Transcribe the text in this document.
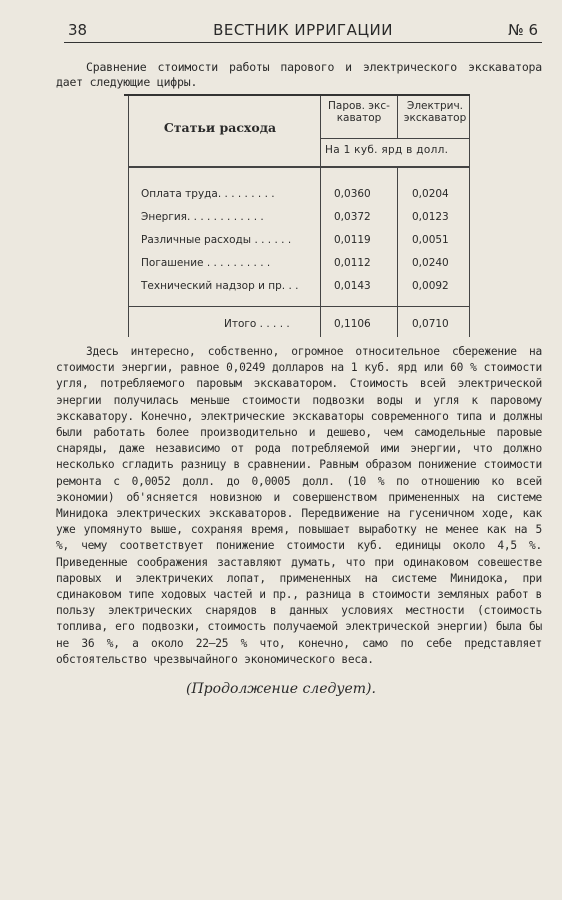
38	ВЕСТНИК ИРРИГАЦИИ	№ 6
Сравнение стоимости работы парового и электрического экскаватора дает следующие цифры.
Статьи расхода
Паров. экс-каватор
Электрич. экскаватор
На 1 куб. ярд в долл.
Оплата труда. . . . . . . . .	0,0360	0,0204
Энергия. . . . . . . . . . . .	0,0372	0,0123
Различные расходы . . . . . .	0,0119	0,0051
Погашение . . . . . . . . . .	0,0112	0,0240
Технический надзор и пр. . .	0,0143	0,0092
Итого . . . . .	0,1106	0,0710

Здесь интересно, собственно, огромное относительное сбережение на стоимости энергии, равное 0,0249 долларов на 1 куб. ярд или 60 % стоимости угля, потребляемого паровым экскаватором. Стоимость всей электрической энергии получилась меньше стоимости подвозки воды и угля к паровому экскаватору. Конечно, электрические экскаваторы современного типа и должны были работать более производительно и дешево, чем самодельные паровые снаряды, даже независимо от рода потребляемой ими энергии, что должно несколько сгладить разницу в сравнении. Равным образом понижение стоимости ремонта с 0,0052 долл. до 0,0005 долл. (10 % по отношению ко всей экономии) об'ясняется новизною и совершенством примененных на системе Минидока электрических экскаваторов. Передвижение на гусеничном ходе, как уже упомянуто выше, сохраняя время, повышает выработку не менее как на 5 %, чему соответствует понижение стоимости куб. единицы около 4,5 %. Приведенные соображения заставляют думать, что при одинаковом совешестве паровых и электричеких лопат, примененных на системе Минидока, при сдинаковом типе ходовых частей и пр., разница в стоимости земляных работ в пользу электрических снарядов в данных условиях местности (стоимость топлива, его подвозки, стоимость получаемой электрической энергии) была бы не 36 %, а около 22—25 % что, конечно, само по себе представляет обстоятельство чрезвычайного экономического веса.

(Продолжение следует).
